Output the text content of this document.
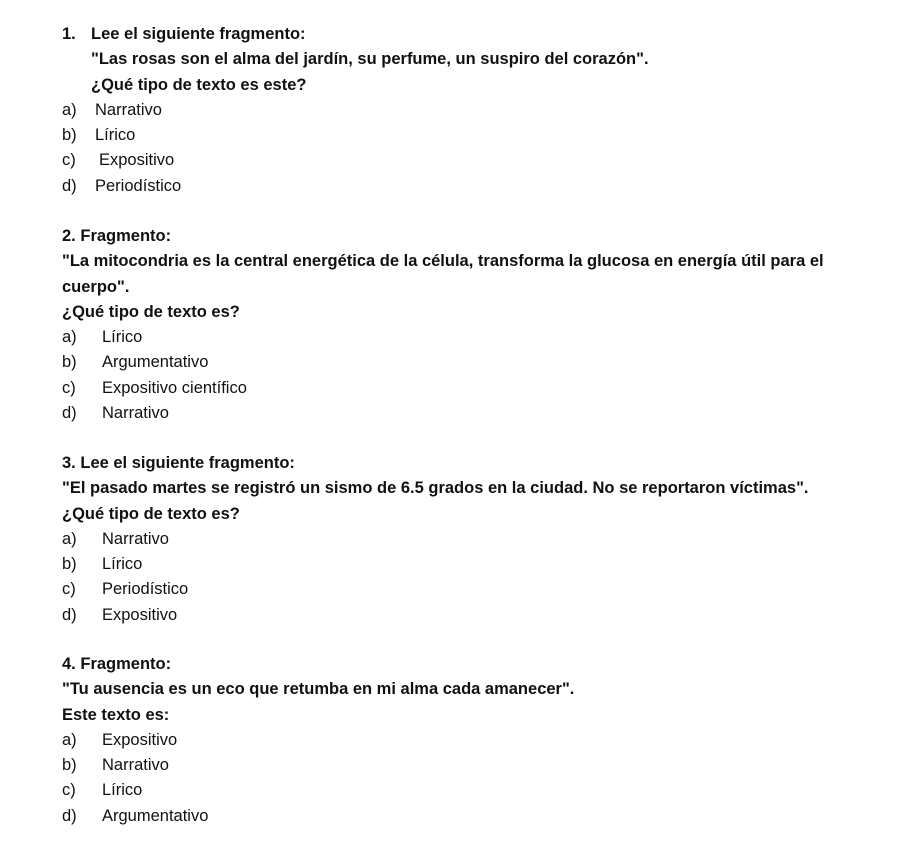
1. Lee el siguiente fragmento:
"Las rosas son el alma del jardín, su perfume, un suspiro del corazón".
¿Qué tipo de texto es este?
a) Narrativo
b) Lírico
c) Expositivo
d) Periodístico
2. Fragmento:
"La mitocondria es la central energética de la célula, transforma la glucosa en energía útil para el cuerpo".
¿Qué tipo de texto es?
a) Lírico
b) Argumentativo
c) Expositivo científico
d) Narrativo
3. Lee el siguiente fragmento:
"El pasado martes se registró un sismo de 6.5 grados en la ciudad. No se reportaron víctimas".
¿Qué tipo de texto es?
a) Narrativo
b) Lírico
c) Periodístico
d) Expositivo
4. Fragmento:
"Tu ausencia es un eco que retumba en mi alma cada amanecer".
Este texto es:
a) Expositivo
b) Narrativo
c) Lírico
d) Argumentativo
